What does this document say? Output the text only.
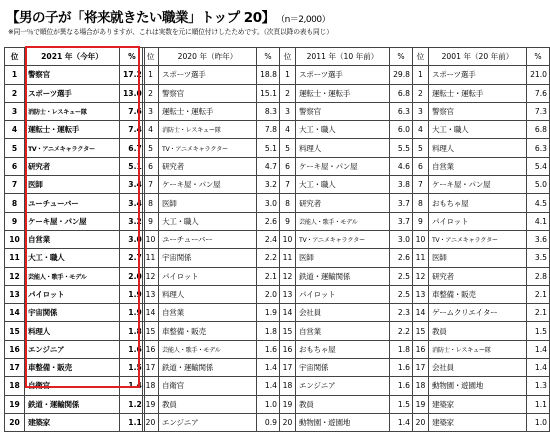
【男の子が「将来就きたい職業」トップ 20】 （n＝2,000）
※同一％で順位が異なる場合がありますが、これは実数を元に順位付けしたためです。（次頁以降の表も同じ）
位	2021 年（今年）	%
1	警察官	17.2
2	スポーツ選手	13.0
3	消防士・レスキュー隊	7.6
4	運転士・運転手	7.4
5	TV・アニメキャラクター	6.7
6	研究者	5.1
7	医師	3.4
8	ユーチューバー	3.4
9	ケーキ屋・パン屋	3.2
10	自営業	3.0
11	大工・職人	2.7
12	芸能人・歌手・モデル	2.0
13	パイロット	1.9
14	宇宙関係	1.9
15	料理人	1.8
16	エンジニア	1.6
17	車整備・販売	1.5
18	自衛官	1.4
19	鉄道・運輸関係	1.2
20	建築家	1.1
位	2020 年（昨年）	%
1	スポーツ選手	18.8
2	警察官	15.1
3	運転士・運転手	8.3
4	消防士・レスキュー隊	7.8
5	TV・アニメキャラクター	5.1
6	研究者	4.7
7	ケーキ屋・パン屋	3.2
8	医師	3.0
9	大工・職人	2.6
10	ユーチューバー	2.4
11	宇宙関係	2.2
12	パイロット	2.1
13	料理人	2.0
14	自営業	1.9
15	車整備・販売	1.8
16	芸能人・歌手・モデル	1.6
17	鉄道・運輸関係	1.4
18	自衛官	1.4
19	教員	1.0
20	エンジニア	0.9
位	2011 年（10 年前）	%
1	スポーツ選手	29.8
2	運転士・運転手	6.8
3	警察官	6.3
4	大工・職人	6.0
5	料理人	5.5
6	ケーキ屋・パン屋	4.6
7	大工・職人	3.8
8	研究者	3.7
9	芸能人・歌手・モデル	3.7
10	TV・アニメキャラクター	3.0
11	医師	2.6
12	鉄道・運輸関係	2.5
13	パイロット	2.5
14	会社員	2.3
15	自営業	2.2
16	おもちゃ屋	1.8
17	宇宙関係	1.6
18	エンジニア	1.6
19	教員	1.5
20	動物園・遊園地	1.4
位	2001 年（20 年前）	%
1	スポーツ選手	21.0
2	運転士・運転手	7.6
3	警察官	7.3
4	大工・職人	6.8
5	料理人	6.3
6	自営業	5.4
7	ケーキ屋・パン屋	5.0
8	おもちゃ屋	4.5
9	パイロット	4.1
10	TV・アニメキャラクター	3.6
11	医師	3.5
12	研究者	2.8
13	車整備・販売	2.1
14	ゲームクリエイター	2.1
15	教員	1.5
16	消防士・レスキュー隊	1.4
17	会社員	1.4
18	動物園・遊園地	1.3
19	建築家	1.1
20	建築家	1.0
